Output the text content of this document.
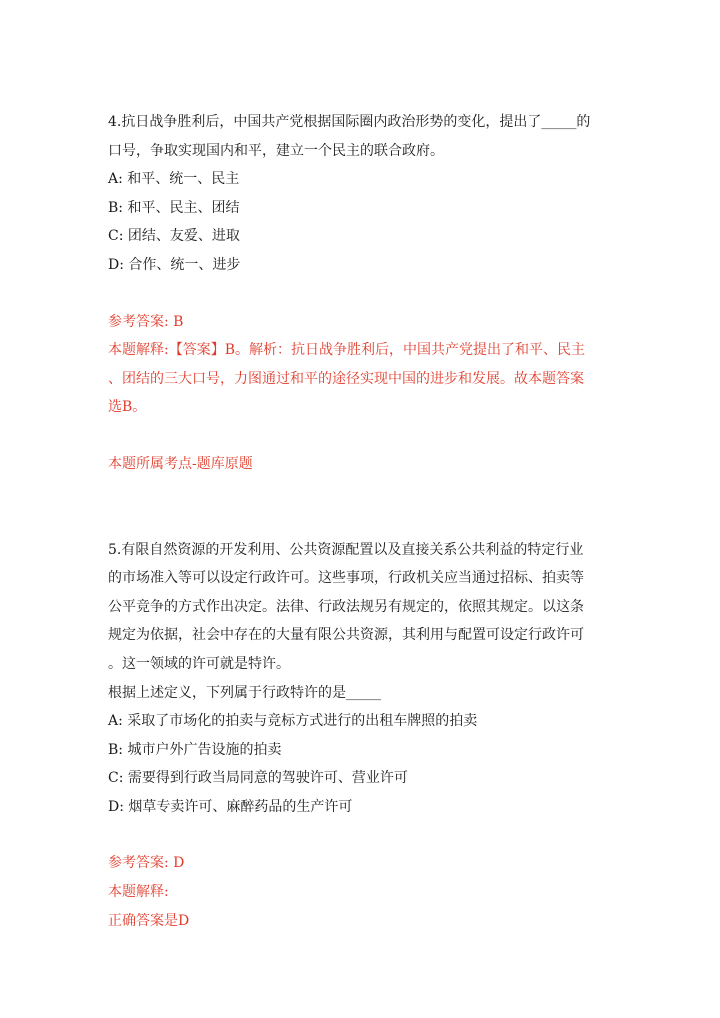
4.抗日战争胜利后，中国共产党根据国际圈内政治形势的变化，提出了_____的

口号，争取实现国内和平，建立一个民主的联合政府。

A: 和平、统一、民主

B: 和平、民主、团结

C: 团结、友爱、进取

D: 合作、统一、进步

参考答案: B

本题解释:【答案】B。解析：抗日战争胜利后，中国共产党提出了和平、民主

、团结的三大口号，力图通过和平的途径实现中国的进步和发展。故本题答案

选B。

本题所属考点-题库原题

5.有限自然资源的开发利用、公共资源配置以及直接关系公共利益的特定行业

的市场准入等可以设定行政许可。这些事项，行政机关应当通过招标、拍卖等

公平竞争的方式作出决定。法律、行政法规另有规定的，依照其规定。以这条

规定为依据，社会中存在的大量有限公共资源，其利用与配置可设定行政许可

。这一领域的许可就是特许。

根据上述定义，下列属于行政特许的是_____

A: 采取了市场化的拍卖与竞标方式进行的出租车牌照的拍卖

B: 城市户外广告设施的拍卖

C: 需要得到行政当局同意的驾驶许可、营业许可

D: 烟草专卖许可、麻醉药品的生产许可

参考答案: D

本题解释:

正确答案是D
